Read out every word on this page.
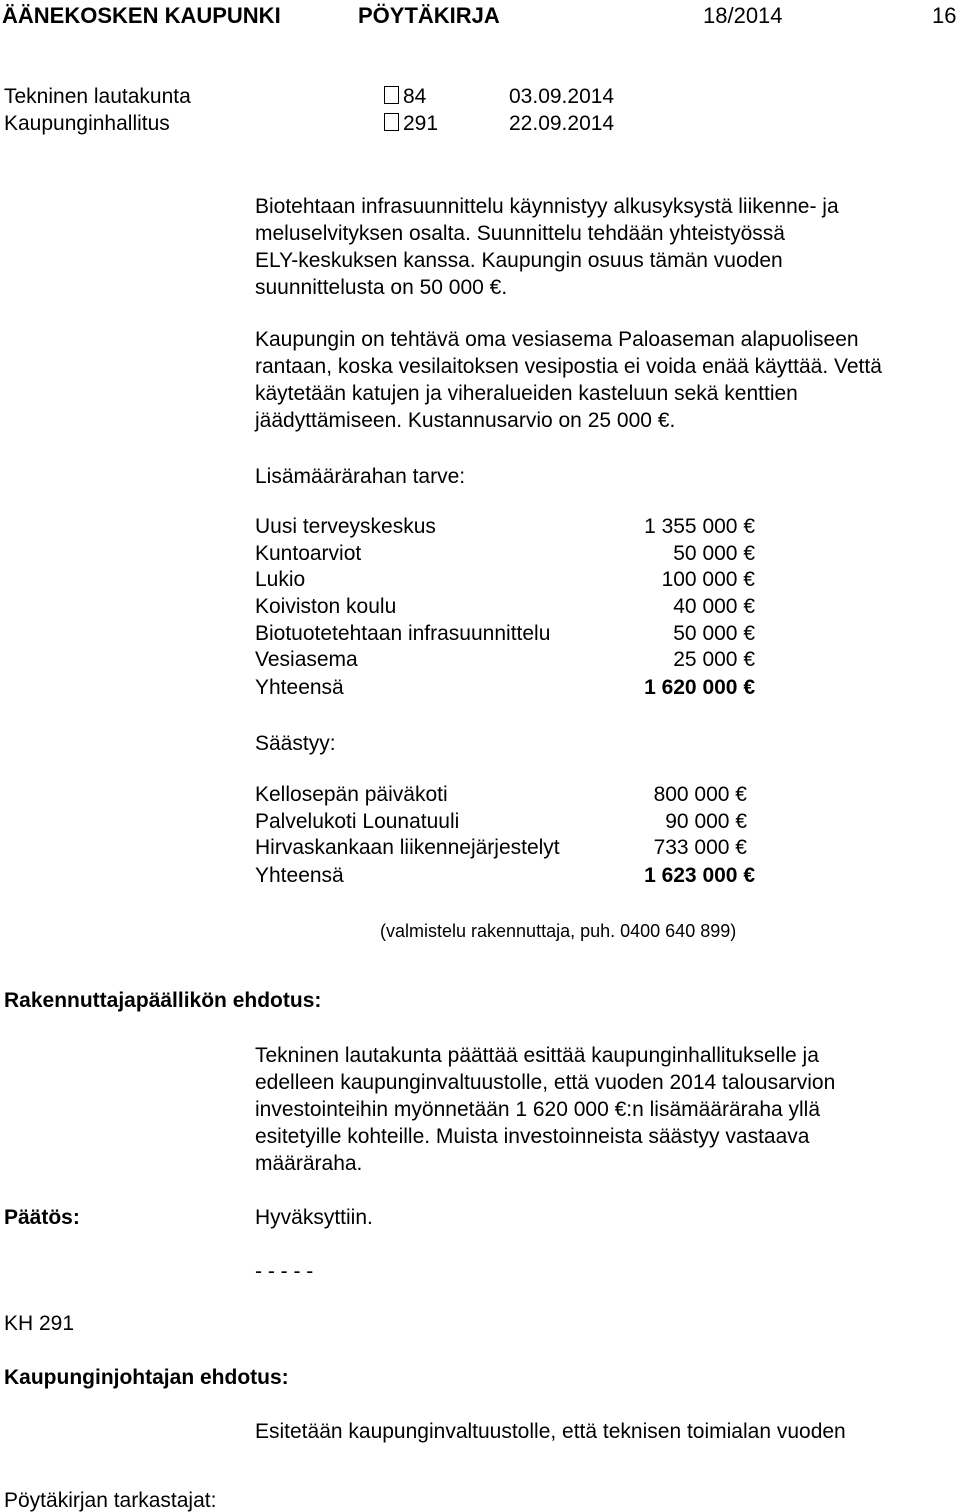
ÄÄNEKOSKEN KAUPUNKI	PÖYTÄKIRJA	18/2014	16
Tekninen lautakunta	84	03.09.2014
Kaupunginhallitus	291	22.09.2014
Biotehtaan infrasuunnittelu käynnistyy alkusyksystä liikenne- ja
meluselvityksen osalta. Suunnittelu tehdään yhteistyössä
ELY-keskuksen kanssa. Kaupungin osuus tämän vuoden
suunnittelusta on 50 000 €.
Kaupungin on tehtävä oma vesiasema Paloaseman alapuoliseen
rantaan, koska vesilaitoksen vesipostia ei voida enää käyttää. Vettä
käytetään katujen ja viheralueiden kasteluun sekä kenttien
jäädyttämiseen. Kustannusarvio on 25 000 €.
Lisämäärärahan tarve:
Uusi terveyskeskus	1 355 000 €
Kuntoarviot	50 000 €
Lukio	100 000 €
Koiviston koulu	40 000 €
Biotuotetehtaan infrasuunnittelu	50 000 €
Vesiasema	25 000 €
Yhteensä	1 620 000 €
Säästyy:
Kellosepän päiväkoti	800 000 €
Palvelukoti Lounatuuli	90 000 €
Hirvaskankaan liikennejärjestelyt	733 000 €
Yhteensä	1 623 000 €
(valmistelu rakennuttaja, puh. 0400 640 899)
Rakennuttajapäällikön ehdotus:
Tekninen lautakunta päättää esittää kaupunginhallitukselle ja
edelleen kaupunginvaltuustolle, että vuoden 2014 talousarvion
investointeihin myönnetään 1 620 000 €:n lisämääräraha yllä
esitetyille kohteille. Muista investoinneista säästyy vastaava
määräraha.
Päätös:	Hyväksyttiin.
- - - - -
KH 291
Kaupunginjohtajan ehdotus:
Esitetään kaupunginvaltuustolle, että teknisen toimialan vuoden
Pöytäkirjan tarkastajat:
